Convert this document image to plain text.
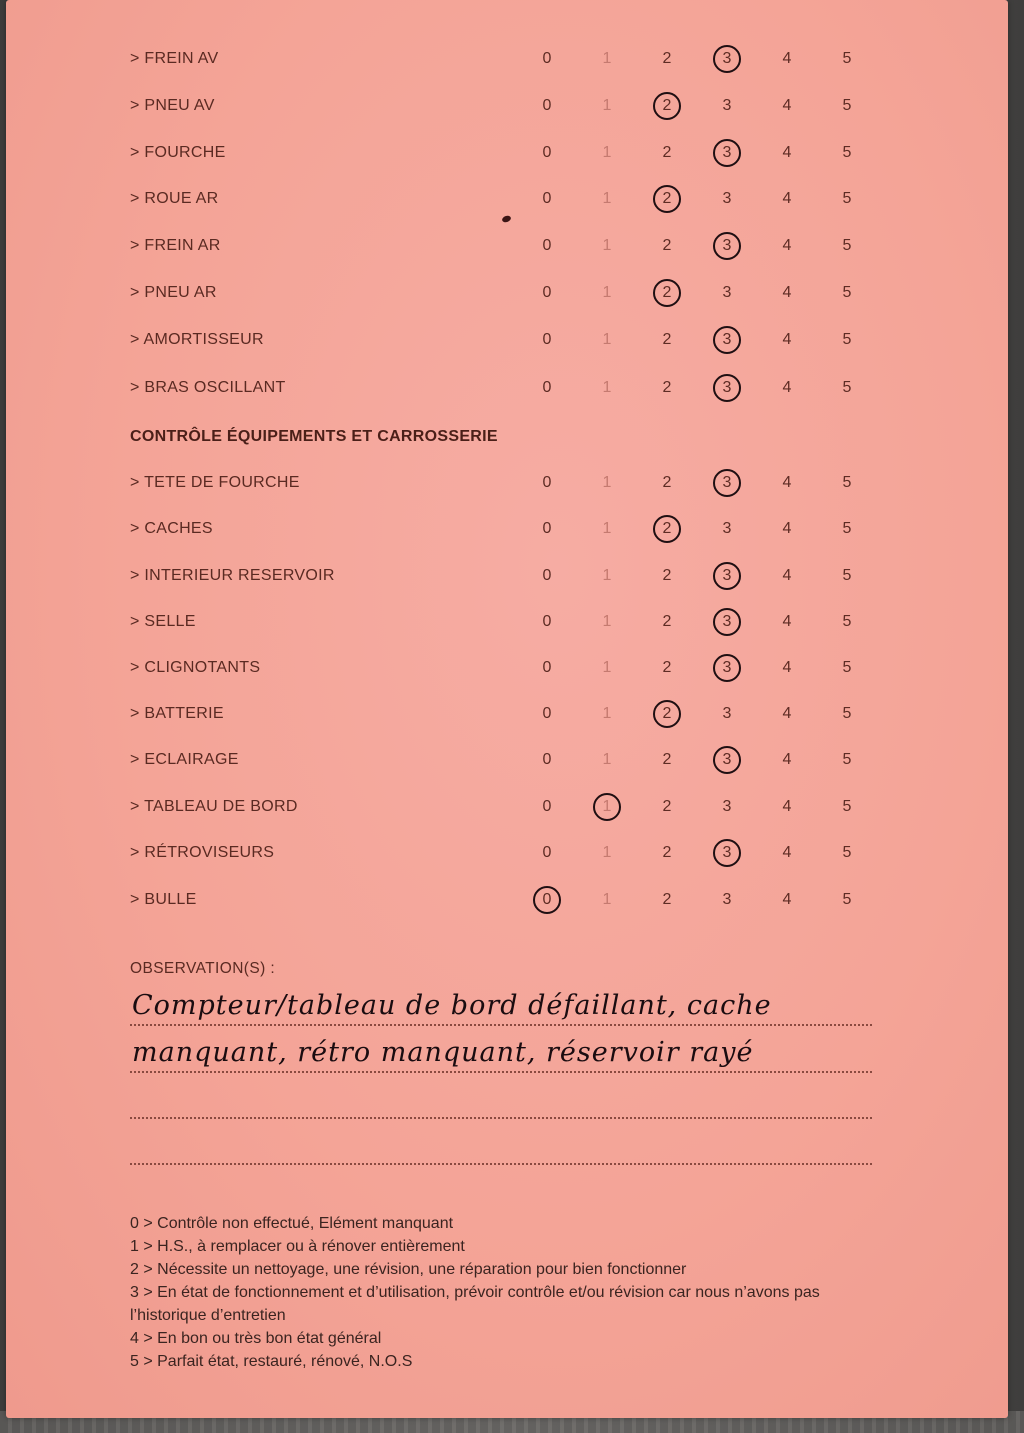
> FREIN AV	0	1	2	3	4	5
> PNEU AV	0	1	2	3	4	5
> FOURCHE	0	1	2	3	4	5
> ROUE AR	0	1	2	3	4	5
> FREIN AR	0	1	2	3	4	5
> PNEU AR	0	1	2	3	4	5
> AMORTISSEUR	0	1	2	3	4	5
> BRAS OSCILLANT	0	1	2	3	4	5
> TETE DE FOURCHE	0	1	2	3	4	5
> CACHES	0	1	2	3	4	5
> INTERIEUR RESERVOIR	0	1	2	3	4	5
> SELLE	0	1	2	3	4	5
> CLIGNOTANTS	0	1	2	3	4	5
> BATTERIE	0	1	2	3	4	5
> ECLAIRAGE	0	1	2	3	4	5
> TABLEAU DE BORD	0	1	2	3	4	5
> RÉTROVISEURS	0	1	2	3	4	5
> BULLE	0	1	2	3	4	5
CONTRÔLE ÉQUIPEMENTS ET CARROSSERIE
OBSERVATION(S) :
Compteur/tableau de bord défaillant, cache
manquant, rétro manquant, réservoir rayé
0 > Contrôle non effectué, Elément manquant
1 > H.S., à remplacer ou à rénover entièrement
2 > Nécessite un nettoyage, une révision, une réparation pour bien fonctionner
3 > En état de fonctionnement et d’utilisation, prévoir contrôle et/ou révision car nous n’avons pas l’historique d’entretien
4 > En bon ou très bon état général
5 > Parfait état, restauré, rénové, N.O.S
